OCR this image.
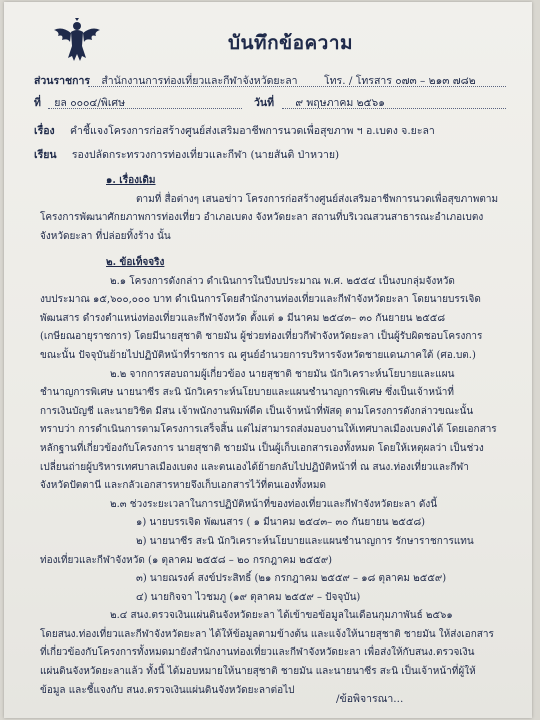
บันทึกข้อความ
ส่วนราชการ สำนักงานการท่องเที่ยวและกีฬาจังหวัดยะลา	โทร. / โทรสาร ๐๗๓ – ๒๑๓ ๗๘๒
ที่ ยล ๐๐๐๔/พิเศษ	วันที่ ๙ พฤษภาคม ๒๕๖๑
เรื่อง คำชี้แจงโครงการก่อสร้างศูนย์ส่งเสริมอาชีพการนวดเพื่อสุขภาพ ฯ อ.เบตง จ.ยะลา
เรียน รองปลัดกระทรวงการท่องเที่ยวและกีฬา (นายสันติ ป่าหวาย)
๑. เรื่องเดิม
ตามที่ สื่อต่างๆ เสนอข่าว โครงการก่อสร้างศูนย์ส่งเสริมอาชีพการนวดเพื่อสุขภาพตาม
โครงการพัฒนาศักยภาพการท่องเที่ยว อำเภอเบตง จังหวัดยะลา สถานที่บริเวณสวนสาธารณะอำเภอเบตง
จังหวัดยะลา ที่ปล่อยทิ้งร้าง นั้น
๒. ข้อเท็จจริง
๒.๑ โครงการดังกล่าว ดำเนินการในปีงบประมาณ พ.ศ. ๒๕๕๔ เป็นงบกลุ่มจังหวัด
งบประมาณ ๑๕,๖๐๐,๐๐๐ บาท ดำเนินการโดยสำนักงานท่องเที่ยวและกีฬาจังหวัดยะลา โดยนายบรรเจิด
พัฒนสาร ดำรงตำแหน่งท่องเที่ยวและกีฬาจังหวัด ตั้งแต่ ๑ มีนาคม ๒๕๔๓– ๓๐ กันยายน ๒๕๕๘
(เกษียณอายุราชการ) โดยมีนายสุชาติ ชายมัน ผู้ช่วยท่องเที่ยวกีฬาจังหวัดยะลา เป็นผู้รับผิดชอบโครงการ
ขณะนั้น ปัจจุบันย้ายไปปฏิบัติหน้าที่ราชการ ณ ศูนย์อำนวยการบริหารจังหวัดชายแดนภาคใต้ (ศอ.บต.)
๒.๒ จากการสอบถามผู้เกี่ยวข้อง นายสุชาติ ชายมัน นักวิเคราะห์นโยบายและแผน
ชำนาญการพิเศษ นายนาซีร สะนิ นักวิเคราะห์นโยบายและแผนชำนาญการพิเศษ ซึ่งเป็นเจ้าหน้าที่
การเงินบัญชี และนายวิชิต มีสน เจ้าพนักงานพิมพ์ดีด เป็นเจ้าหน้าที่พัสดุ ตามโครงการดังกล่าวขณะนั้น
ทราบว่า การดำเนินการตามโครงการเสร็จสิ้น แต่ไม่สามารถส่งมอบงานให้เทศบาลเมืองเบตงได้ โดยเอกสาร
หลักฐานที่เกี่ยวข้องกับโครงการ นายสุชาติ ชายมัน เป็นผู้เก็บเอกสารเองทั้งหมด โดยให้เหตุผลว่า เป็นช่วง
เปลี่ยนถ่ายผู้บริหารเทศบาลเมืองเบตง และตนเองได้ย้ายกลับไปปฏิบัติหน้าที่ ณ สนง.ท่องเที่ยวและกีฬา
จังหวัดปัตตานี และกลัวเอกสารหายจึงเก็บเอกสารไว้ที่ตนเองทั้งหมด
๒.๓ ช่วงระยะเวลาในการปฏิบัติหน้าที่ของท่องเที่ยวและกีฬาจังหวัดยะลา ดังนี้
๑) นายบรรเจิด พัฒนสาร ( ๑ มีนาคม ๒๕๔๓– ๓๐ กันยายน ๒๕๕๘)
๒) นายนาซีร สะนิ นักวิเคราะห์นโยบายและแผนชำนาญการ รักษาราชการแทน
ท่องเที่ยวและกีฬาจังหวัด (๑ ตุลาคม ๒๕๕๘ – ๒๐ กรกฎาคม ๒๕๕๙)
๓) นายณรงค์ สงข์ประสิทธิ์ (๒๑ กรกฎาคม ๒๕๕๙ – ๑๘ ตุลาคม ๒๕๕๙)
๔) นายกิจจา ไวชมภู (๑๙ ตุลาคม ๒๕๕๙ – ปัจจุบัน)
๒.๔ สนง.ตรวจเงินแผ่นดินจังหวัดยะลา ได้เข้าขอข้อมูลในเดือนกุมภาพันธ์ ๒๕๖๑
โดยสนง.ท่องเที่ยวและกีฬาจังหวัดยะลา ได้ให้ข้อมูลตามข้างต้น และแจ้งให้นายสุชาติ ชายมัน ให้ส่งเอกสาร
ที่เกี่ยวข้องกับโครงการทั้งหมดมายังสำนักงานท่องเที่ยวและกีฬาจังหวัดยะลา เพื่อส่งให้กับสนง.ตรวจเงิน
แผ่นดินจังหวัดยะลาแล้ว ทั้งนี้ ได้มอบหมายให้นายสุชาติ ชายมัน และนายนาซีร สะนิ เป็นเจ้าหน้าที่ผู้ให้
ข้อมูล และชี้แจงกับ สนง.ตรวจเงินแผ่นดินจังหวัดยะลาต่อไป
/ข้อพิจารณา...
